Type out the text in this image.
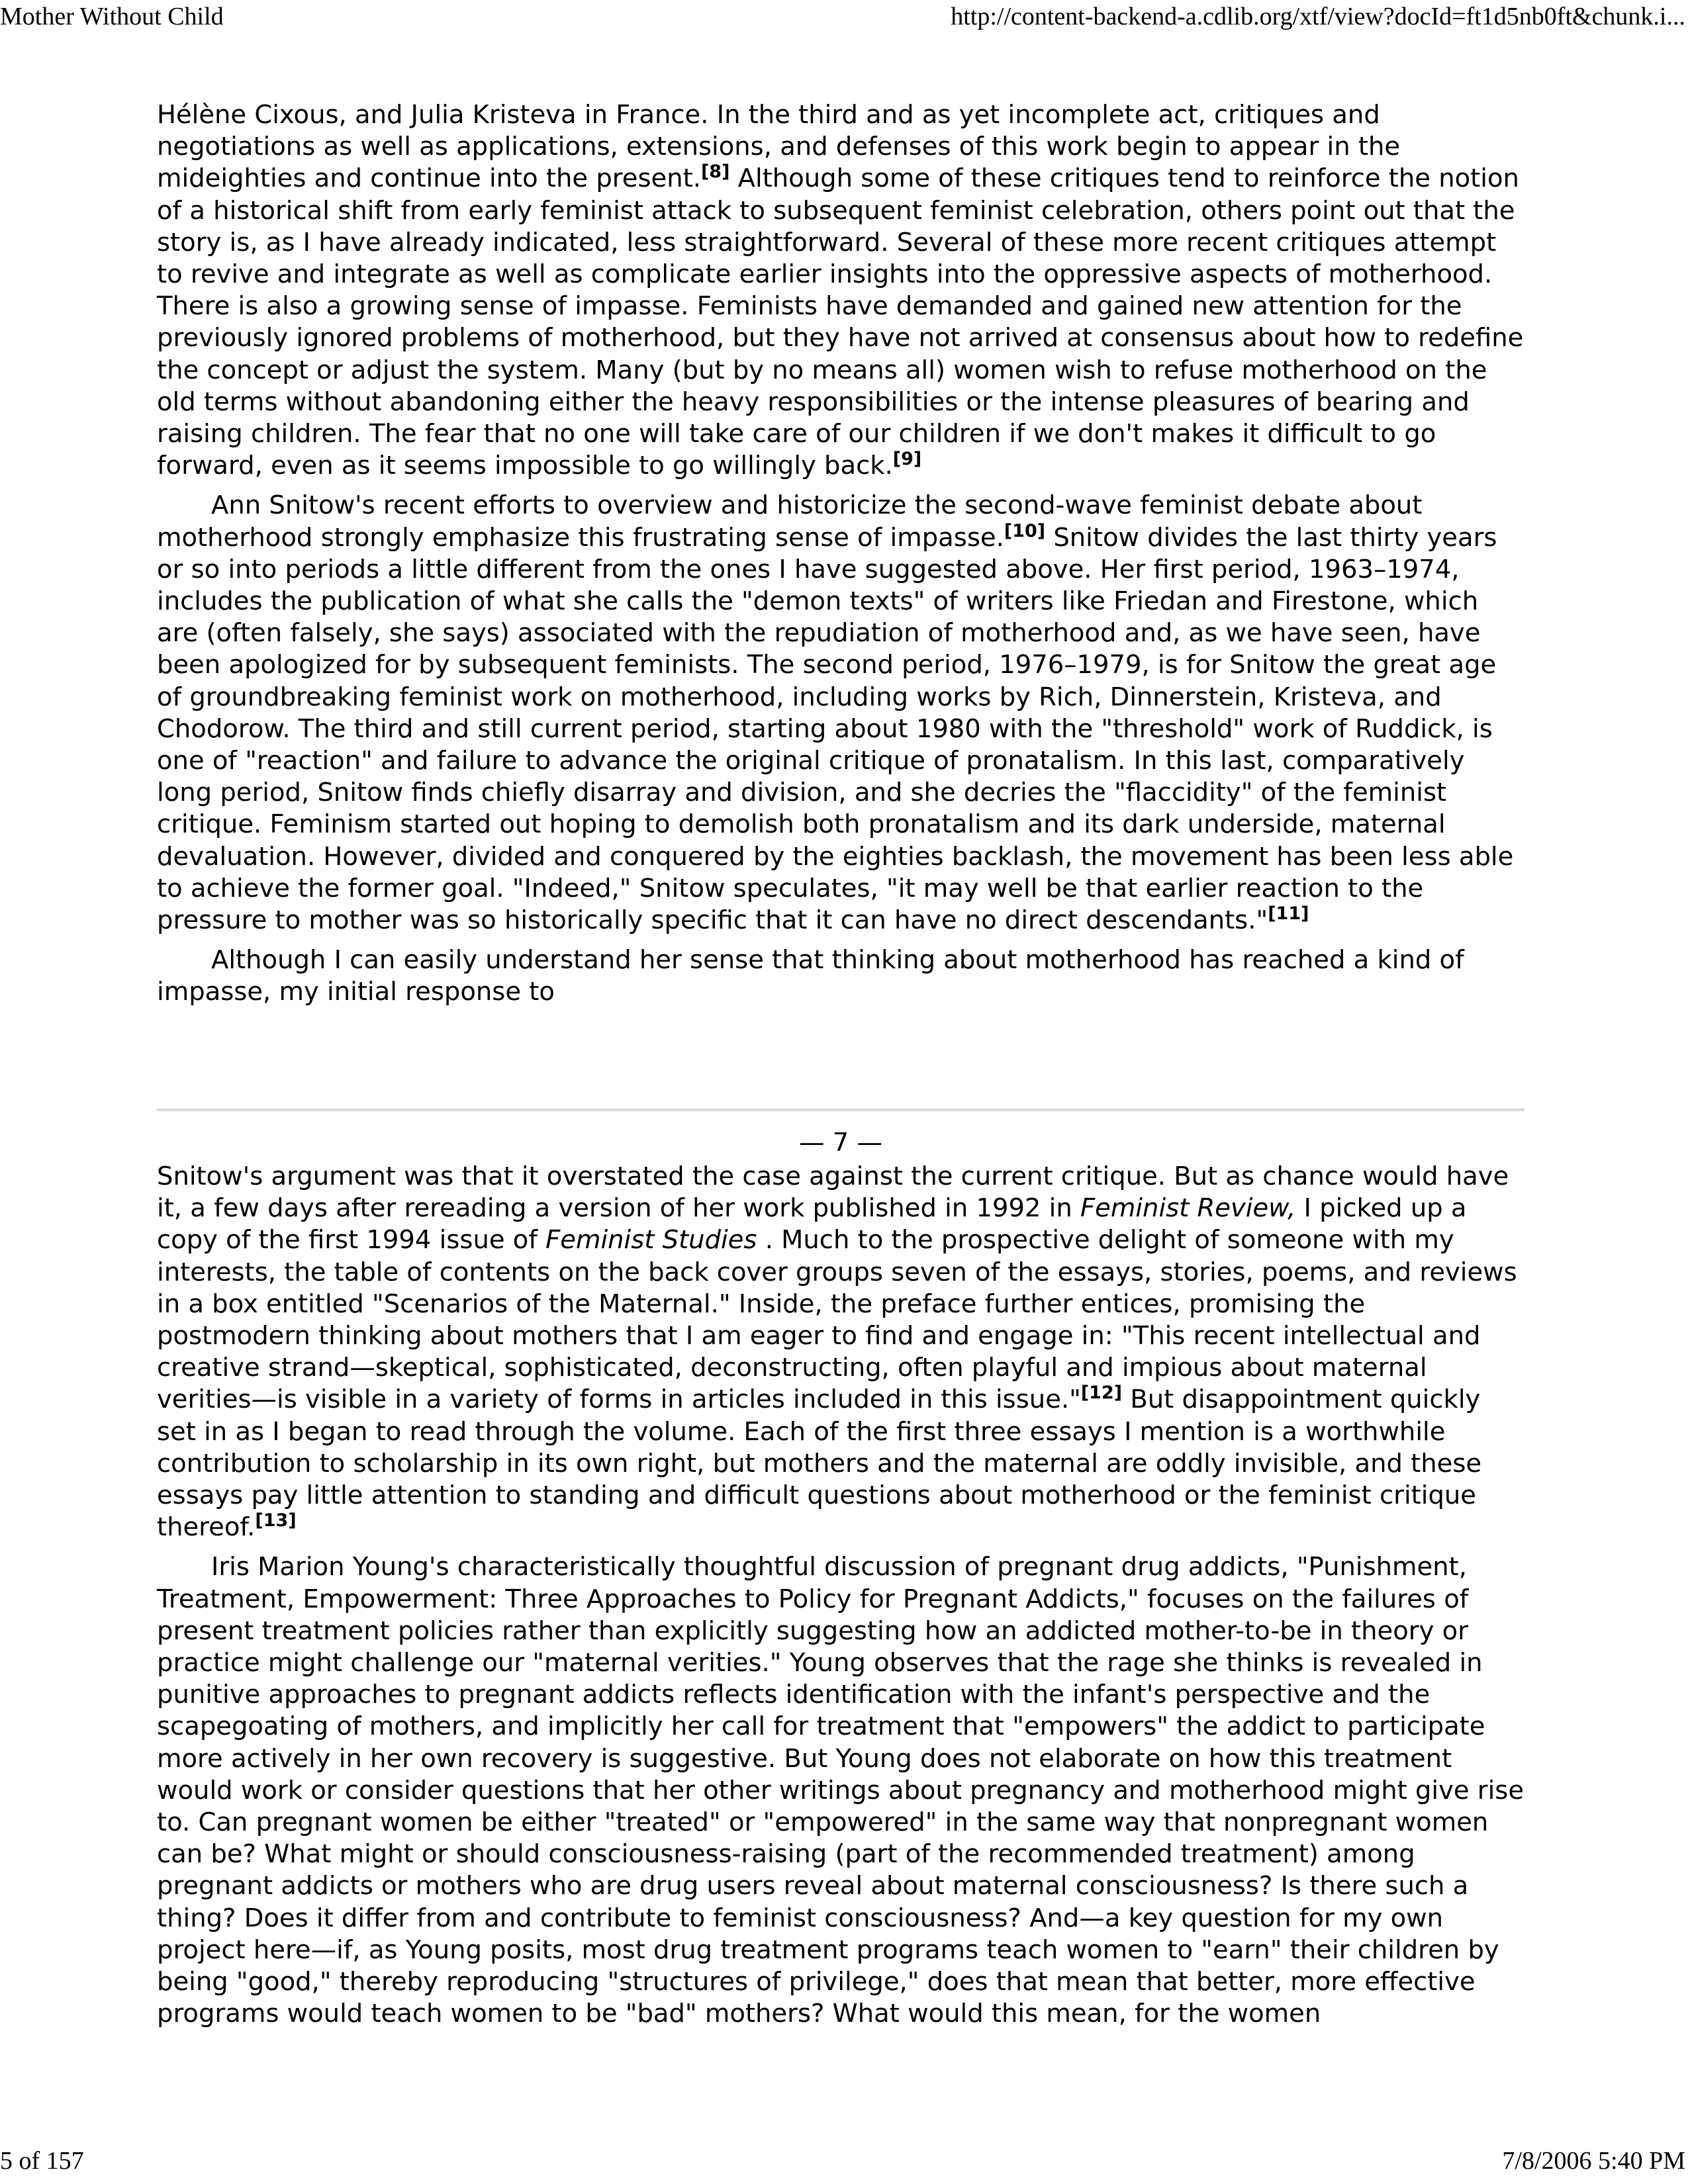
Mother Without Child	http://content-backend-a.cdlib.org/xtf/view?docId=ft1d5nb0ft&chunk.i...

Hélène Cixous, and Julia Kristeva in France. In the third and as yet incomplete act, critiques and negotiations as well as applications, extensions, and defenses of this work begin to appear in the mideighties and continue into the present.[8] Although some of these critiques tend to reinforce the notion of a historical shift from early feminist attack to subsequent feminist celebration, others point out that the story is, as I have already indicated, less straightforward. Several of these more recent critiques attempt to revive and integrate as well as complicate earlier insights into the oppressive aspects of motherhood. There is also a growing sense of impasse. Feminists have demanded and gained new attention for the previously ignored problems of motherhood, but they have not arrived at consensus about how to redefine the concept or adjust the system. Many (but by no means all) women wish to refuse motherhood on the old terms without abandoning either the heavy responsibilities or the intense pleasures of bearing and raising children. The fear that no one will take care of our children if we don't makes it difficult to go forward, even as it seems impossible to go willingly back.[9]

Ann Snitow's recent efforts to overview and historicize the second-wave feminist debate about motherhood strongly emphasize this frustrating sense of impasse.[10] Snitow divides the last thirty years or so into periods a little different from the ones I have suggested above. Her first period, 1963–1974, includes the publication of what she calls the "demon texts" of writers like Friedan and Firestone, which are (often falsely, she says) associated with the repudiation of motherhood and, as we have seen, have been apologized for by subsequent feminists. The second period, 1976–1979, is for Snitow the great age of groundbreaking feminist work on motherhood, including works by Rich, Dinnerstein, Kristeva, and Chodorow. The third and still current period, starting about 1980 with the "threshold" work of Ruddick, is one of "reaction" and failure to advance the original critique of pronatalism. In this last, comparatively long period, Snitow finds chiefly disarray and division, and she decries the "flaccidity" of the feminist critique. Feminism started out hoping to demolish both pronatalism and its dark underside, maternal devaluation. However, divided and conquered by the eighties backlash, the movement has been less able to achieve the former goal. "Indeed," Snitow speculates, "it may well be that earlier reaction to the pressure to mother was so historically specific that it can have no direct descendants."[11]

Although I can easily understand her sense that thinking about motherhood has reached a kind of impasse, my initial response to

— 7 —

Snitow's argument was that it overstated the case against the current critique. But as chance would have it, a few days after rereading a version of her work published in 1992 in Feminist Review, I picked up a copy of the first 1994 issue of Feminist Studies . Much to the prospective delight of someone with my interests, the table of contents on the back cover groups seven of the essays, stories, poems, and reviews in a box entitled "Scenarios of the Maternal." Inside, the preface further entices, promising the postmodern thinking about mothers that I am eager to find and engage in: "This recent intellectual and creative strand—skeptical, sophisticated, deconstructing, often playful and impious about maternal verities—is visible in a variety of forms in articles included in this issue."[12] But disappointment quickly set in as I began to read through the volume. Each of the first three essays I mention is a worthwhile contribution to scholarship in its own right, but mothers and the maternal are oddly invisible, and these essays pay little attention to standing and difficult questions about motherhood or the feminist critique thereof.[13]

Iris Marion Young's characteristically thoughtful discussion of pregnant drug addicts, "Punishment, Treatment, Empowerment: Three Approaches to Policy for Pregnant Addicts," focuses on the failures of present treatment policies rather than explicitly suggesting how an addicted mother-to-be in theory or practice might challenge our "maternal verities." Young observes that the rage she thinks is revealed in punitive approaches to pregnant addicts reflects identification with the infant's perspective and the scapegoating of mothers, and implicitly her call for treatment that "empowers" the addict to participate more actively in her own recovery is suggestive. But Young does not elaborate on how this treatment would work or consider questions that her other writings about pregnancy and motherhood might give rise to. Can pregnant women be either "treated" or "empowered" in the same way that nonpregnant women can be? What might or should consciousness-raising (part of the recommended treatment) among pregnant addicts or mothers who are drug users reveal about maternal consciousness? Is there such a thing? Does it differ from and contribute to feminist consciousness? And—a key question for my own project here—if, as Young posits, most drug treatment programs teach women to "earn" their children by being "good," thereby reproducing "structures of privilege," does that mean that better, more effective programs would teach women to be "bad" mothers? What would this mean, for the women

5 of 157	7/8/2006 5:40 PM
